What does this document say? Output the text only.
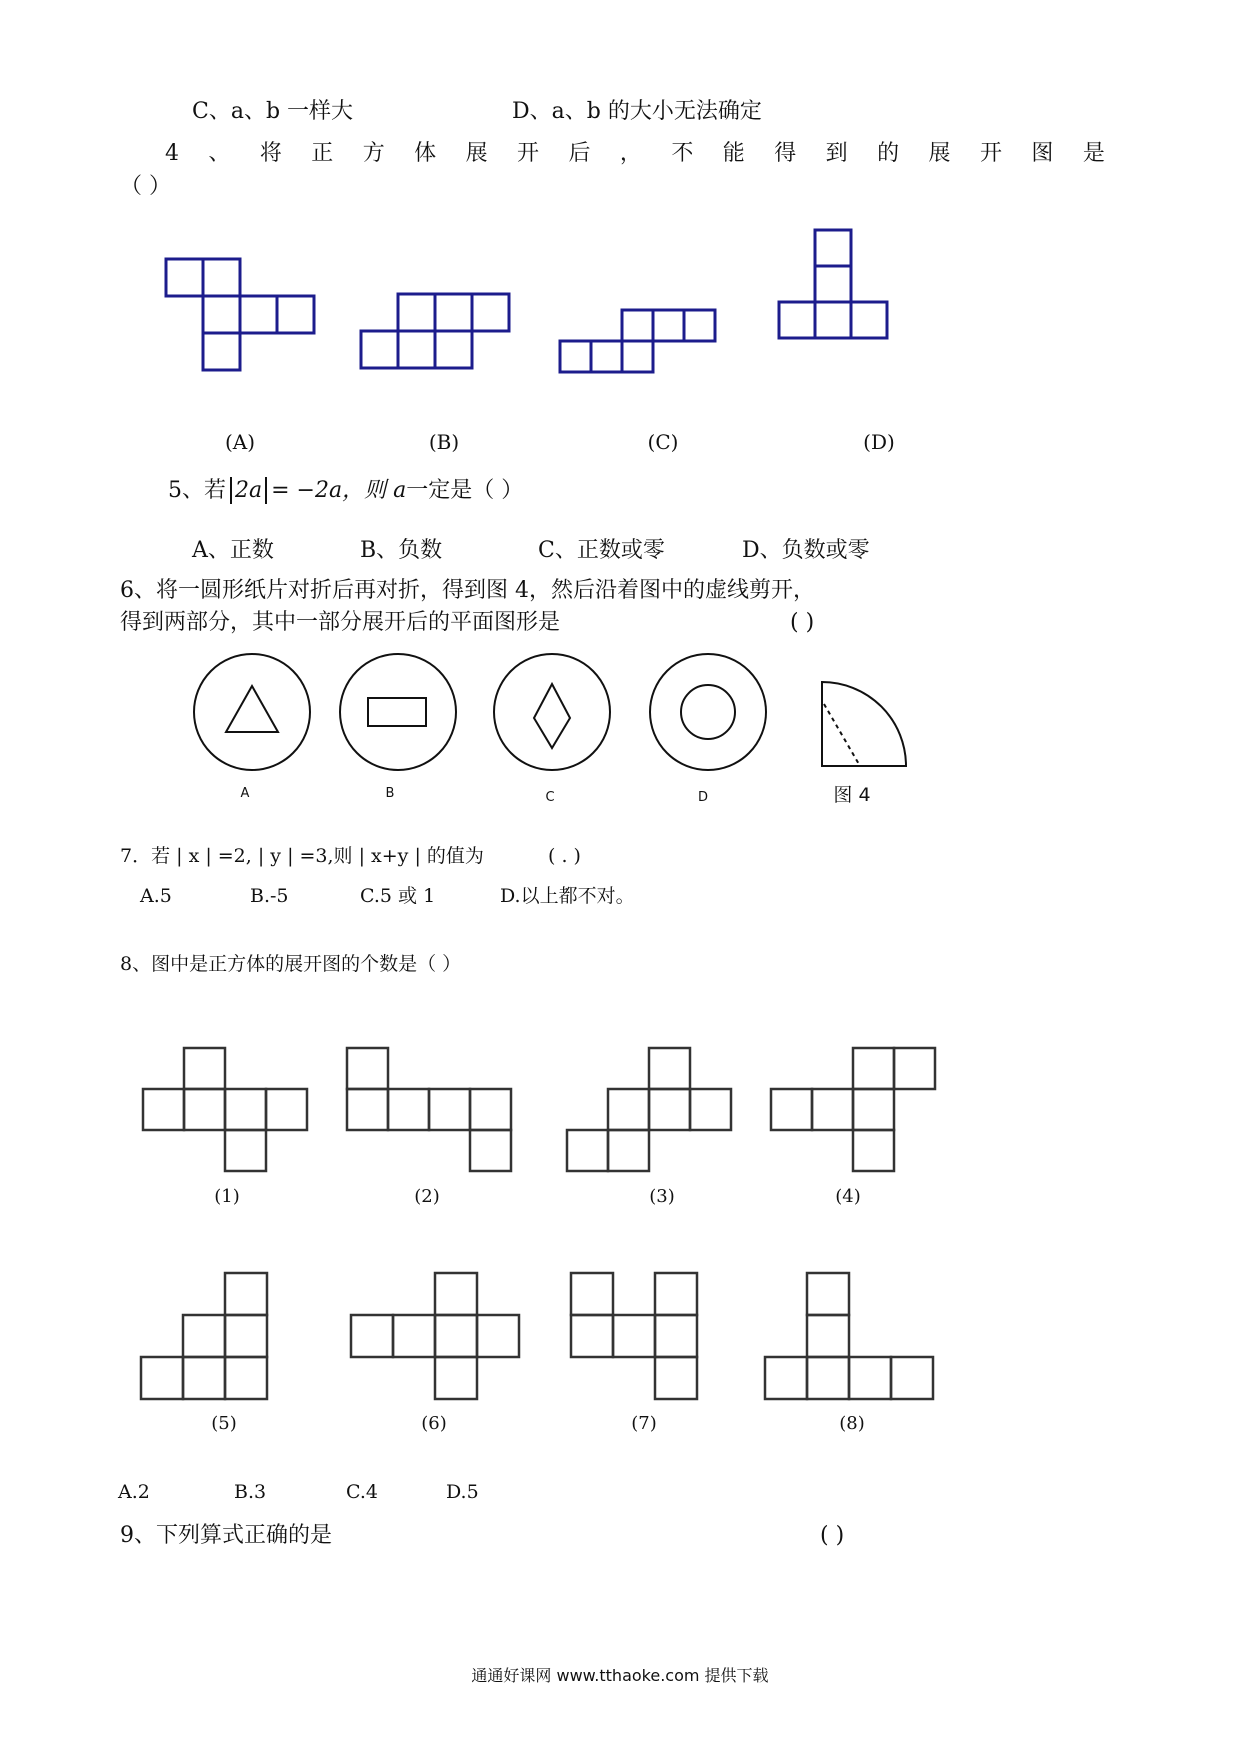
C、a、b 一样大	D、a、b 的大小无法确定
4 、 将 正 方 体 展 开 后 ， 不 能 得 到 的 展 开 图 是
（ ）
(A)	(B)	(C)	(D)
5、若 2a = −2a，则 a一定是（ ）
A、正数	B、负数	C、正数或零	D、负数或零
6、将一圆形纸片对折后再对折，得到图 4，然后沿着图中的虚线剪开，
得到两部分，其中一部分展开后的平面图形是	( )
A	B	C	D	图 4
7．若 | x | =2, | y | =3,则 | x+y | 的值为	( . )
A.5	B.-5	C.5 或 1	D.以上都不对。
8、图中是正方体的展开图的个数是（ ）
(1)	(2)	(3)	(4)
(5)	(6)	(7)	(8)
A.2	B.3	C.4	D.5
9、下列算式正确的是	( )
通通好课网 www.tthaoke.com 提供下载
